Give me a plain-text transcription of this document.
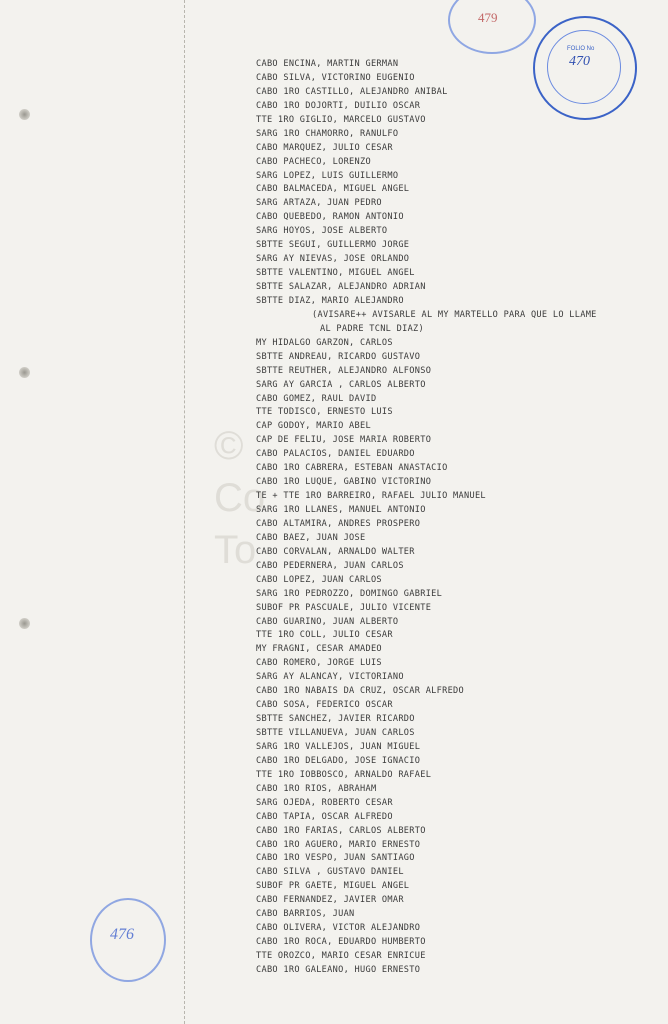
479
FOLIO No
470
©
Co
To
CABO ENCINA, MARTIN GERMAN
CABO SILVA, VICTORINO EUGENIO
CABO 1RO CASTILLO, ALEJANDRO ANIBAL
CABO 1RO DOJORTI, DUILIO OSCAR
TTE 1RO GIGLIO, MARCELO GUSTAVO
SARG 1RO CHAMORRO, RANULFO
CABO MARQUEZ, JULIO CESAR
CABO PACHECO, LORENZO
SARG LOPEZ, LUIS GUILLERMO
CABO BALMACEDA, MIGUEL ANGEL
SARG ARTAZA, JUAN PEDRO
CABO QUEBEDO, RAMON ANTONIO
SARG HOYOS, JOSE ALBERTO
SBTTE SEGUI, GUILLERMO JORGE
SARG AY NIEVAS, JOSE ORLANDO
SBTTE VALENTINO, MIGUEL ANGEL
SBTTE SALAZAR, ALEJANDRO ADRIAN
SBTTE DIAZ, MARIO ALEJANDRO
(AVISARE++ AVISARLE AL MY MARTELLO PARA QUE LO LLAME
AL PADRE TCNL DIAZ)
MY HIDALGO GARZON, CARLOS
SBTTE ANDREAU, RICARDO GUSTAVO
SBTTE REUTHER, ALEJANDRO ALFONSO
SARG AY GARCIA , CARLOS ALBERTO
CABO GOMEZ, RAUL DAVID
TTE TODISCO, ERNESTO LUIS
CAP GODOY, MARIO ABEL
CAP DE FELIU, JOSE MARIA ROBERTO
CABO PALACIOS, DANIEL EDUARDO
CABO 1RO CABRERA, ESTEBAN ANASTACIO
CABO 1RO LUQUE, GABINO VICTORINO
TE + TTE 1RO BARREIRO, RAFAEL JULIO MANUEL
SARG 1RO LLANES, MANUEL ANTONIO
CABO ALTAMIRA, ANDRES PROSPERO
CABO BAEZ, JUAN JOSE
CABO CORVALAN, ARNALDO WALTER
CABO PEDERNERA, JUAN CARLOS
CABO LOPEZ, JUAN CARLOS
SARG 1RO PEDROZZO, DOMINGO GABRIEL
SUBOF PR PASCUALE, JULIO VICENTE
CABO GUARINO, JUAN ALBERTO
TTE 1RO COLL, JULIO CESAR
MY FRAGNI, CESAR AMADEO
CABO ROMERO, JORGE LUIS
SARG AY ALANCAY, VICTORIANO
CABO 1RO NABAIS DA CRUZ, OSCAR ALFREDO
CABO SOSA, FEDERICO OSCAR
SBTTE SANCHEZ, JAVIER RICARDO
SBTTE VILLANUEVA, JUAN CARLOS
SARG 1RO VALLEJOS, JUAN MIGUEL
CABO 1RO DELGADO, JOSE IGNACIO
TTE 1RO IOBBOSCO, ARNALDO RAFAEL
CABO 1RO RIOS, ABRAHAM
SARG OJEDA, ROBERTO CESAR
CABO TAPIA, OSCAR ALFREDO
CABO 1RO FARIAS, CARLOS ALBERTO
CABO 1RO AGUERO, MARIO ERNESTO
CABO 1RO VESPO, JUAN SANTIAGO
CABO SILVA , GUSTAVO DANIEL
SUBOF PR GAETE, MIGUEL ANGEL
CABO FERNANDEZ, JAVIER OMAR
CABO BARRIOS, JUAN
CABO OLIVERA, VICTOR ALEJANDRO
CABO 1RO ROCA, EDUARDO HUMBERTO
TTE OROZCO, MARIO CESAR ENRICUE
CABO 1RO GALEANO, HUGO ERNESTO
476
